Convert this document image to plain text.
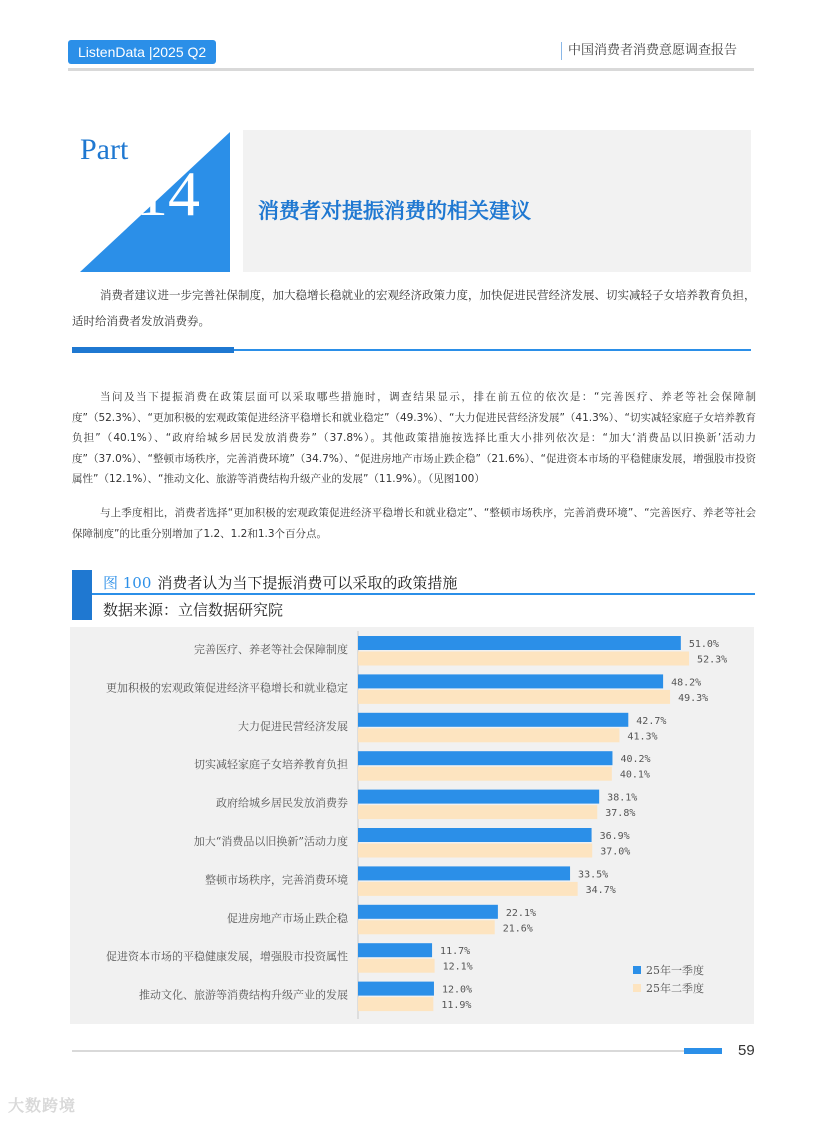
ListenData |2025 Q2	中国消费者消费意愿调查报告
Part
14	消费者对提振消费的相关建议
消费者建议进一步完善社保制度，加大稳增长稳就业的宏观经济政策力度，加快促进民营经济发展、切实减轻子女培养教育负担，适时给消费者发放消费券。
当问及当下提振消费在政策层面可以采取哪些措施时，调查结果显示，排在前五位的依次是：“完善医疗、养老等社会保障制度”（52.3%）、“更加积极的宏观政策促进经济平稳增长和就业稳定”（49.3%）、“大力促进民营经济发展”（41.3%）、“切实减轻家庭子女培养教育负担”（40.1%）、“政府给城乡居民发放消费券”（37.8%）。其他政策措施按选择比重大小排列依次是：“加大‘消费品以旧换新’活动力度”（37.0%）、“整顿市场秩序，完善消费环境”（34.7%）、“促进房地产市场止跌企稳”（21.6%）、“促进资本市场的平稳健康发展，增强股市投资属性”（12.1%）、“推动文化、旅游等消费结构升级产业的发展”（11.9%）。（见图100）
与上季度相比，消费者选择“更加积极的宏观政策促进经济平稳增长和就业稳定”、“整顿市场秩序，完善消费环境”、“完善医疗、养老等社会保障制度”的比重分别增加了1.2、1.2和1.3个百分点。
图 100 消费者认为当下提振消费可以采取的政策措施
数据来源：立信数据研究院
完善医疗、养老等社会保障制度	51.0%
52.3%
更加积极的宏观政策促进经济平稳增长和就业稳定	48.2%
49.3%
大力促进民营经济发展	42.7%
41.3%
切实减轻家庭子女培养教育负担	40.2%
40.1%
政府给城乡居民发放消费券	38.1%
37.8%
加大“消费品以旧换新”活动力度	36.9%
37.0%
整顿市场秩序，完善消费环境	33.5%
34.7%
促进房地产市场止跌企稳	22.1%
21.6%
促进资本市场的平稳健康发展，增强股市投资属性	11.7%
12.1%
推动文化、旅游等消费结构升级产业的发展	12.0%
11.9%
25年一季度
25年二季度
59
大数跨境
